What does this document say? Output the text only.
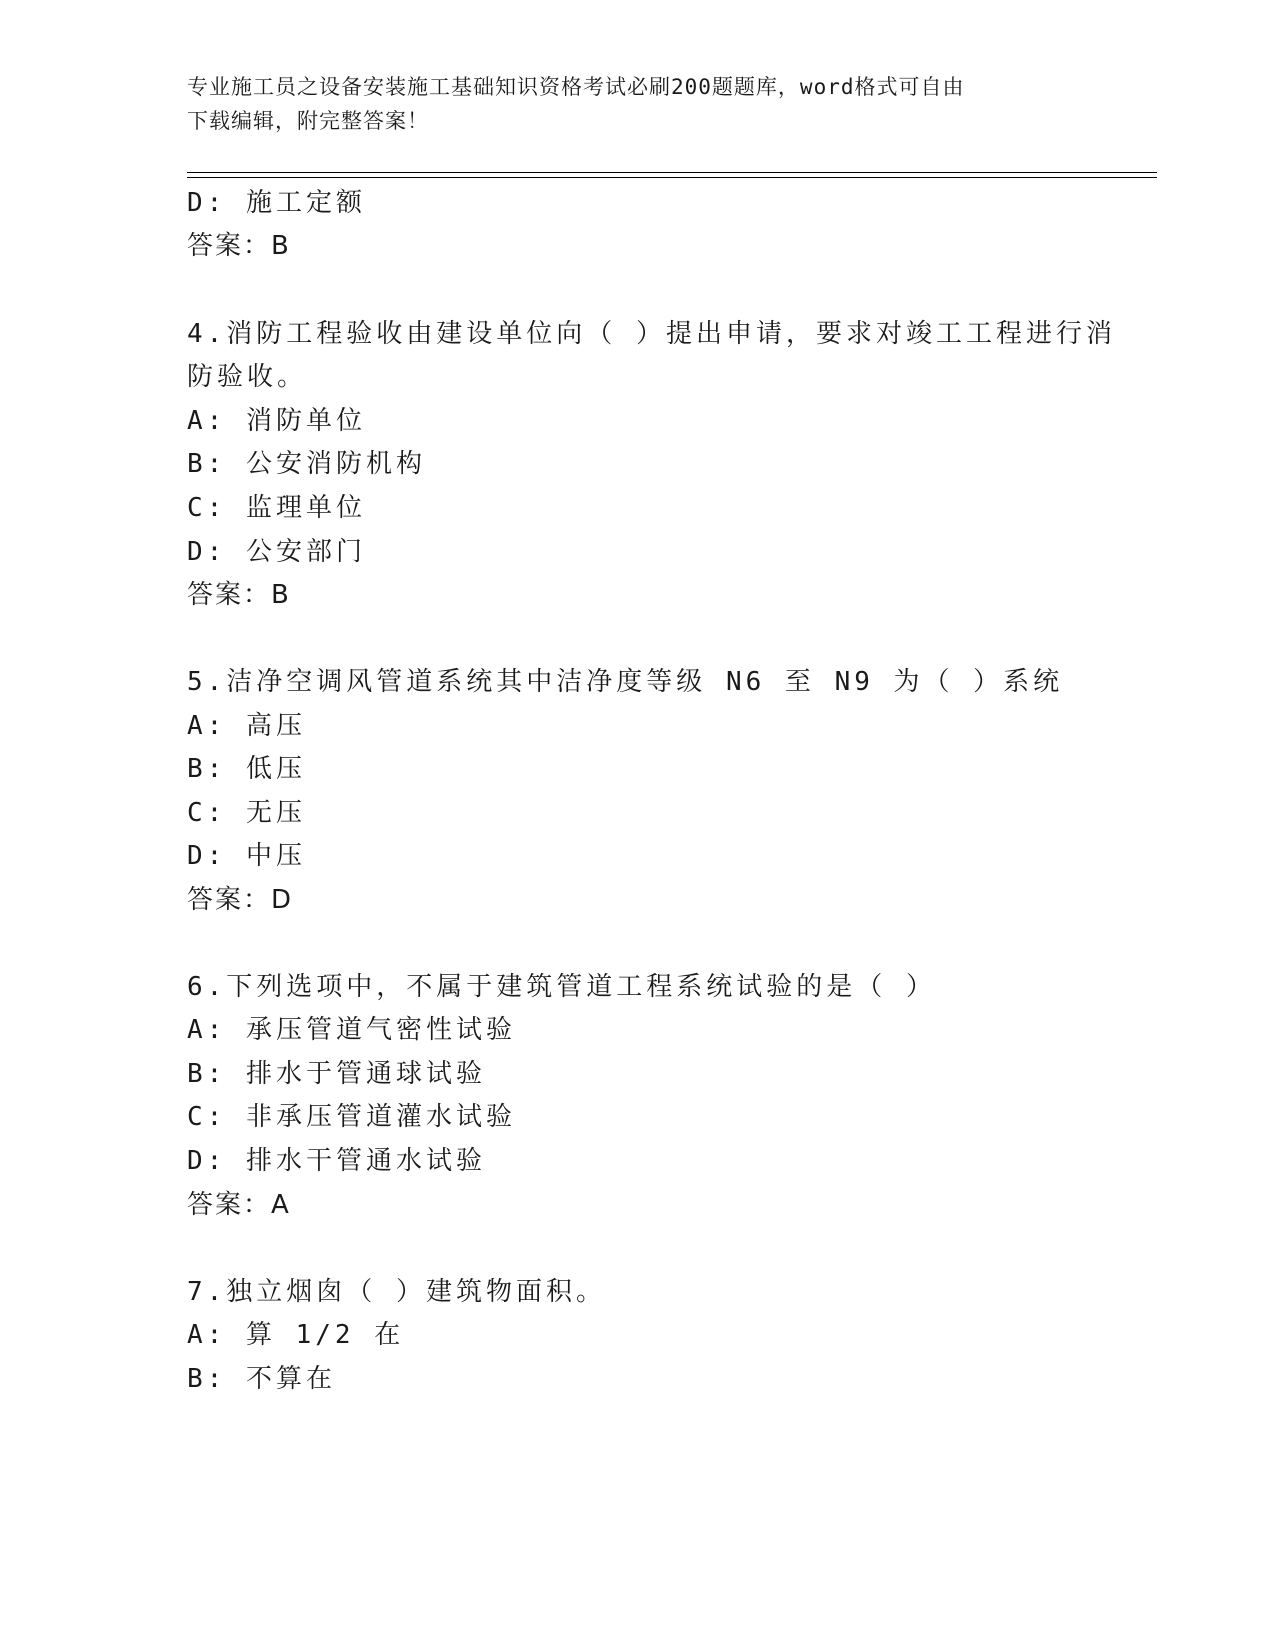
专业施工员之设备安装施工基础知识资格考试必刷200题题库，word格式可自由
下载编辑，附完整答案！
D: 施工定额
答案：B
4.消防工程验收由建设单位向（ ）提出申请，要求对竣工工程进行消
防验收。
A: 消防单位
B: 公安消防机构
C: 监理单位
D: 公安部门
答案：B
5.洁净空调风管道系统其中洁净度等级 N6 至 N9 为（ ）系统
A: 高压
B: 低压
C: 无压
D: 中压
答案：D
6.下列选项中，不属于建筑管道工程系统试验的是（ ）
A: 承压管道气密性试验
B: 排水于管通球试验
C: 非承压管道灌水试验
D: 排水干管通水试验
答案：A
7.独立烟囱（ ）建筑物面积。
A: 算 1/2 在
B: 不算在
